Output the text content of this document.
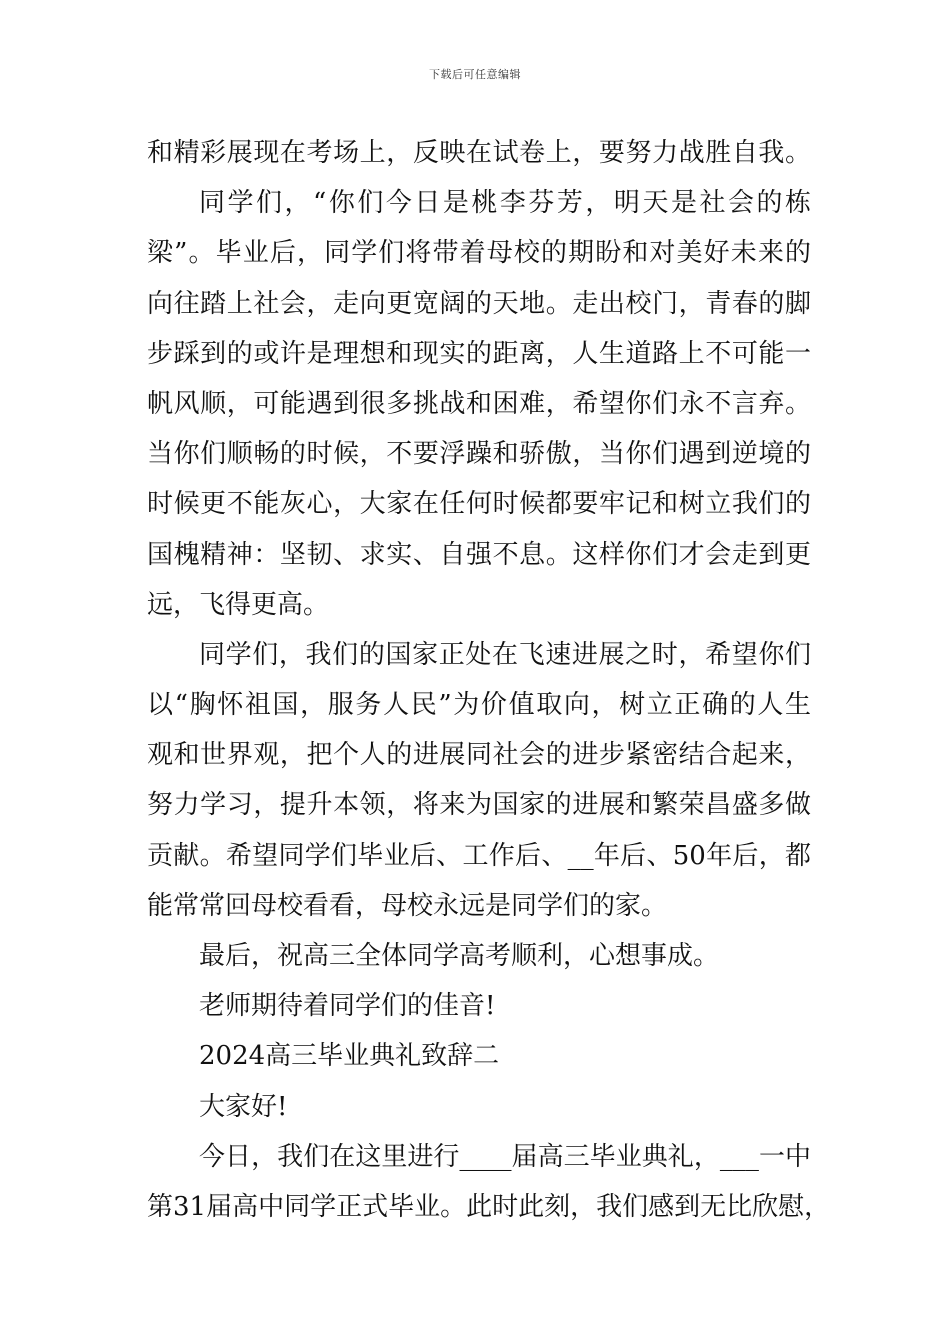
下载后可任意编辑
和精彩展现在考场上，反映在试卷上，要努力战胜自我。
同学们，“你们今日是桃李芬芳，明天是社会的栋
梁”。毕业后，同学们将带着母校的期盼和对美好未来的
向往踏上社会，走向更宽阔的天地。走出校门，青春的脚
步踩到的或许是理想和现实的距离，人生道路上不可能一
帆风顺，可能遇到很多挑战和困难，希望你们永不言弃。
当你们顺畅的时候，不要浮躁和骄傲，当你们遇到逆境的
时候更不能灰心，大家在任何时候都要牢记和树立我们的
国槐精神：坚韧、求实、自强不息。这样你们才会走到更
远，飞得更高。
同学们，我们的国家正处在飞速进展之时，希望你们
以“胸怀祖国，服务人民”为价值取向，树立正确的人生
观和世界观，把个人的进展同社会的进步紧密结合起来，
努力学习，提升本领，将来为国家的进展和繁荣昌盛多做
贡献。希望同学们毕业后、工作后、__年后、50年后，都
能常常回母校看看，母校永远是同学们的家。
最后，祝高三全体同学高考顺利，心想事成。
老师期待着同学们的佳音!
2024高三毕业典礼致辞二
大家好!
今日，我们在这里进行____届高三毕业典礼，___一中
第31届高中同学正式毕业。此时此刻，我们感到无比欣慰，
